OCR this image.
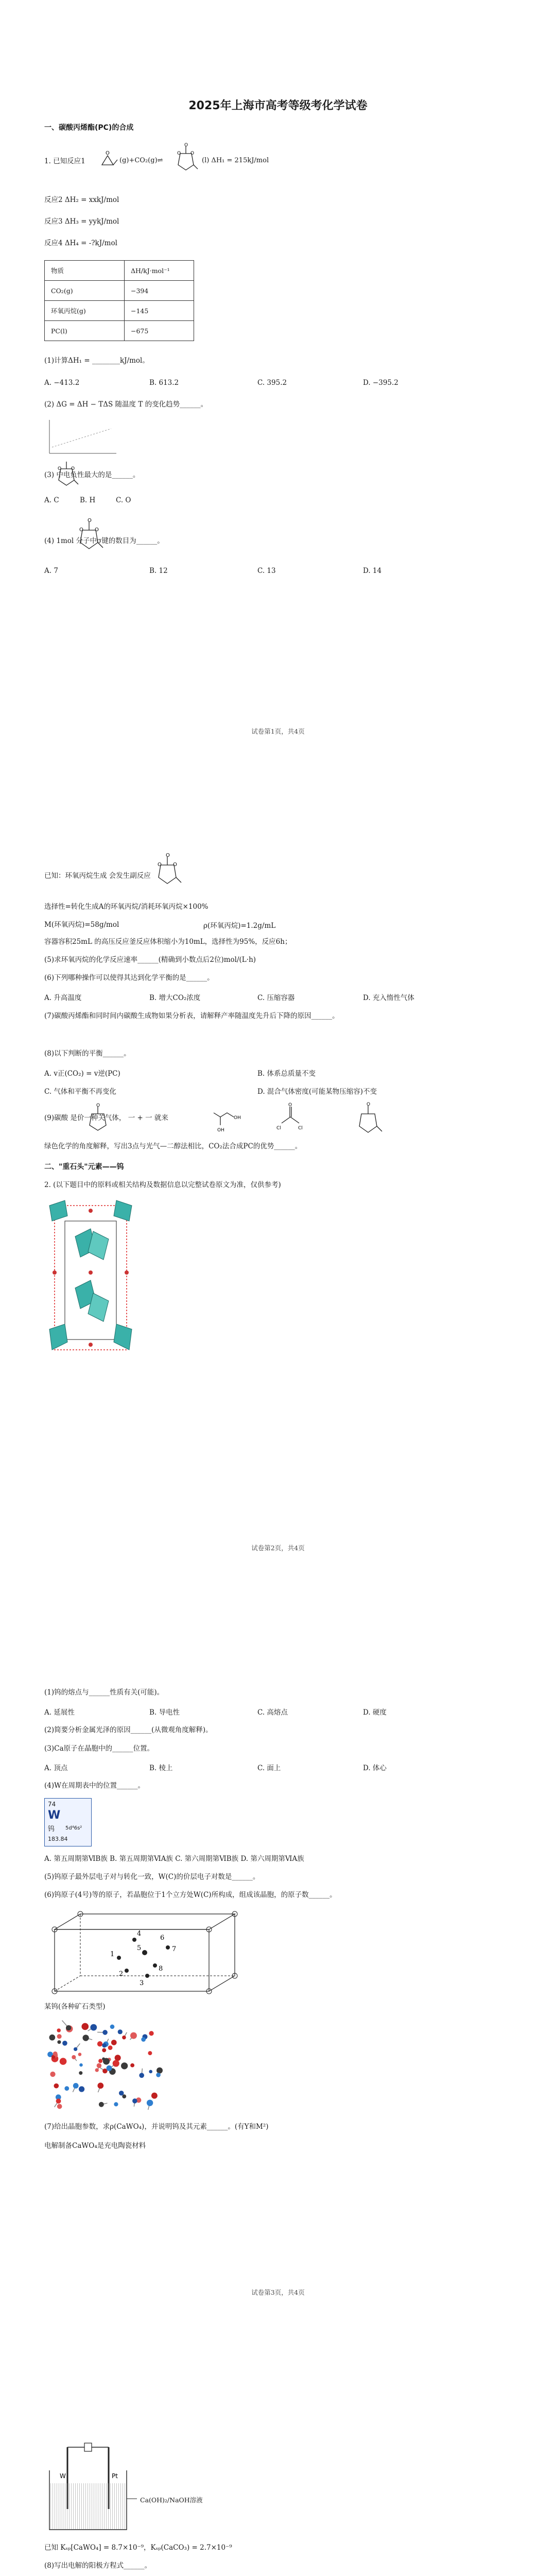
2025年上海市高考等级考化学试卷
一、碳酸丙烯酯(PC)的合成
1. 已知反应1
O
(g)+CO₂(g)⇌
O O
O
(l) ΔH₁ = 215kJ/mol
反应2 ΔH₂ = xxkJ/mol
反应3 ΔH₃ = yykJ/mol
反应4 ΔH₄ = -?kJ/mol
物质	ΔH/kJ·mol⁻¹
CO₂(g)	−394
环氧丙烷(g)	−145
PC(l)	−675
(1)计算ΔH₁ = ________kJ/mol。
A. −413.2	B. 613.2	C. 395.2	D. −395.2
(2) ΔG = ΔH − TΔS 随温度 T 的变化趋势______。
(3) 中电负性最大的是______。
O O
A. C	B. H	C. O
O O
O
(4) 1mol 分子中σ键的数目为______。
A. 7	B. 12	C. 13	D. 14
试卷第1页，共4页
O O
O
已知：环氧丙烷生成 会发生副反应
选择性=转化生成A的环氧丙烷/消耗环氧丙烷×100%
M(环氧丙烷)=58g/mol	ρ(环氧丙烷)=1.2g/mL
容器容积25mL 的高压反应釜反应体积缩小为10mL，选择性为95%，反应6h；
(5)求环氧丙烷的化学反应速率______(精确到小数点后2位)mol/(L·h)
(6)下列哪种操作可以使得其达到化学平衡的是______。
A. 升高温度	B. 增大CO₂浓度	C. 压缩容器	D. 充入惰性气体
(7)碳酸丙烯酯和同时间内碳酸生成物如果分析表，请解释产率随温度先升后下降的原因______。
(8)以下判断的平衡______。
A. v正(CO₂) = v逆(PC)	B. 体系总质量不变
C. 气体和平衡不再变化	D. 混合气体密度(可能某物压缩容)不变
(9)碳酸 是价一种关气体， 一 + 一 就来
O
OH
OH
O
Cl	Cl
O
绿色化学的角度解释，写出3点与光气—二醇法相比，CO₂法合成PC的优势______。
二、"重石头"元素——钨
2. (以下题目中的原料或相关结构及数据信息以完整试卷原文为准，仅供参考)
试卷第2页，共4页
(1)钨的熔点与______性质有关(可能)。
A. 延展性	B. 导电性	C. 高熔点	D. 硬度
(2)简要分析金属光泽的原因______(从微观角度解释)。
(3)Ca原子在晶胞中的______位置。
A. 顶点	B. 棱上	C. 面上	D. 体心
(4)W在周期表中的位置______。
74
W
钨 5d⁴6s²
183.84
A. 第五周期第ⅥB族 B. 第五周期第ⅥA族 C. 第六周期第ⅥB族 D. 第六周期第ⅥA族
(5)钨原子最外层电子对与转化一致，W(C)的价层电子对数是______。
(6)钨原子(4号)等的原子，若晶胞位于1个立方处W(C)所构成，组成该晶胞，的原子数______。
4
6
1
5	7
2
3
8
某钨(各种矿石类型)
(7)给出晶胞参数，求ρ(CaWO₄)，并说明钨及其元素______。(有Y和M²)
电解制备CaWO₄是充电陶瓷材料
试卷第3页，共4页
W	Pt
Ca(OH)₂/NaOH溶液
已知 Kₛₚ[CaWO₄] = 8.7×10⁻⁹，Kₛₚ(CaCO₃) = 2.7×10⁻⁹
(8)写出电解的阳极方程式______。
